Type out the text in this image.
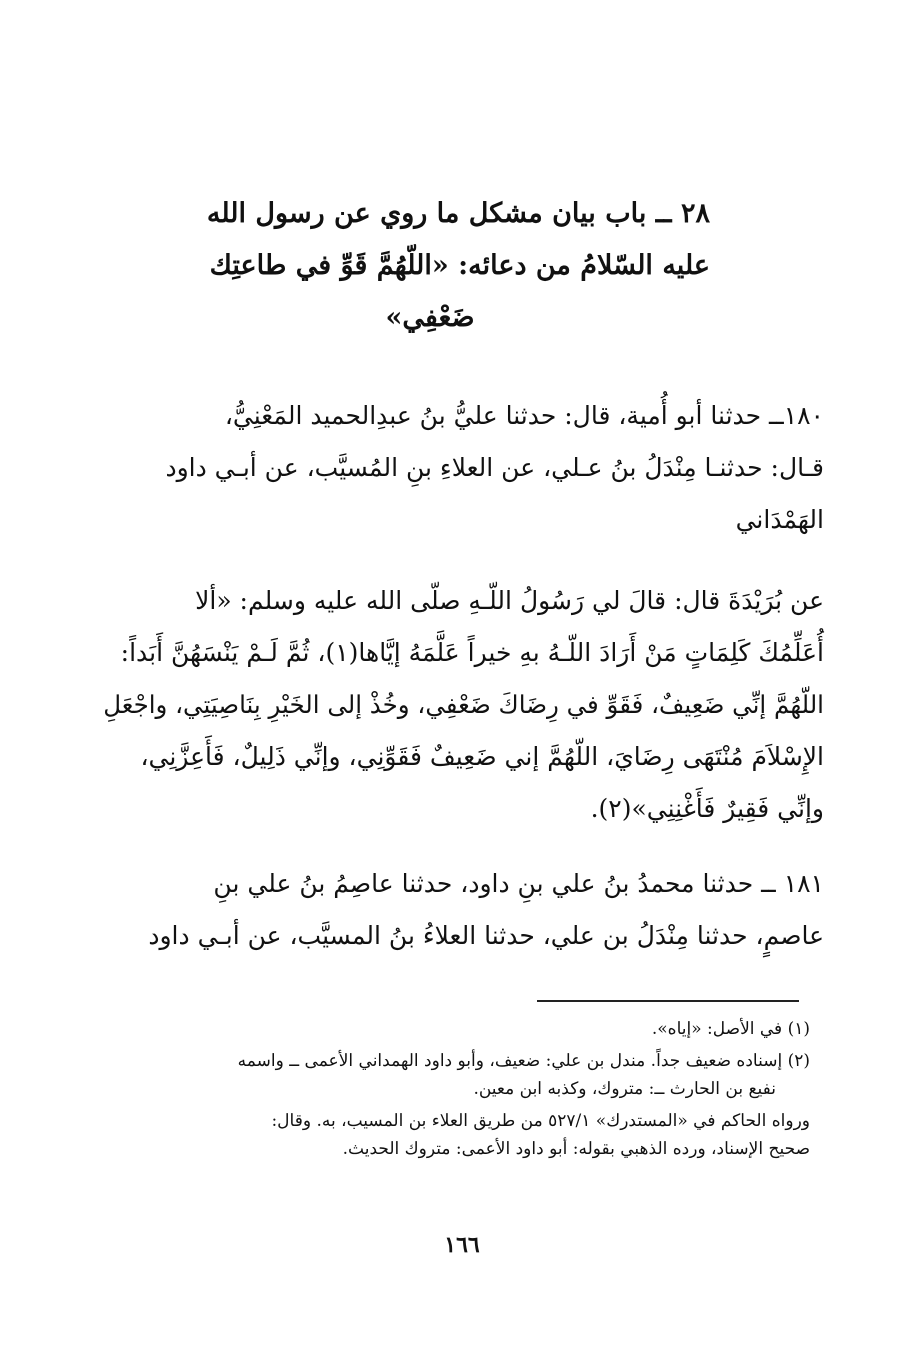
٢٨ ــ باب بيان مشكل ما روي عن رسول الله
عليه السّلامُ من دعائه: «اللّهُمَّ قَوِّ في طاعتِك
ضَعْفِي»
١٨٠ــ حدثنا أبو أُمية، قال: حدثنا عليُّ بنُ عبدِالحميد المَعْنِيُّ،
قـال: حدثنـا مِنْدَلُ بنُ عـلي، عن العلاءِ بنِ المُسيَّب، عن أبـي داود
الهَمْدَاني
عن بُرَيْدَةَ قال: قالَ لي رَسُولُ اللّـهِ صلّى الله عليه وسلم: «ألا
أُعَلِّمُكَ كَلِمَاتٍ مَنْ أَرَادَ اللّـهُ بهِ خيراً عَلَّمَهُ إيَّاها(١)، ثُمَّ لَـمْ يَنْسَهُنَّ أَبَداً:
اللّهُمَّ إنِّي ضَعِيفٌ، فَقَوِّ في رِضَاكَ ضَعْفِي، وخُذْ إلى الخَيْرِ بِنَاصِيَتِي، واجْعَلِ
الإِسْلاَمَ مُنْتَهَى رِضَايَ، اللّهُمَّ إني ضَعِيفٌ فَقَوِّنِي، وإنِّي ذَلِيلٌ، فَأَعِزَّنِي،
وإنِّي فَقِيرٌ فَأَغْنِنِي»(٢).
١٨١ ــ حدثنا محمدُ بنُ علي بنِ داود، حدثنا عاصِمُ بنُ علي بنِ
عاصمٍ، حدثنا مِنْدَلُ بن علي، حدثنا العلاءُ بنُ المسيَّب، عن أبـي داود
(١) في الأصل: «إياه».
(٢) إسناده ضعيف جداً. مندل بن علي: ضعيف، وأبو داود الهمداني الأعمى ــ واسمه
نفيع بن الحارث ــ: متروك، وكذبه ابن معين.
ورواه الحاكم في «المستدرك» ٥٢٧/١ من طريق العلاء بن المسيب، به. وقال:
صحيح الإسناد، ورده الذهبي بقوله: أبو داود الأعمى: متروك الحديث.
١٦٦
